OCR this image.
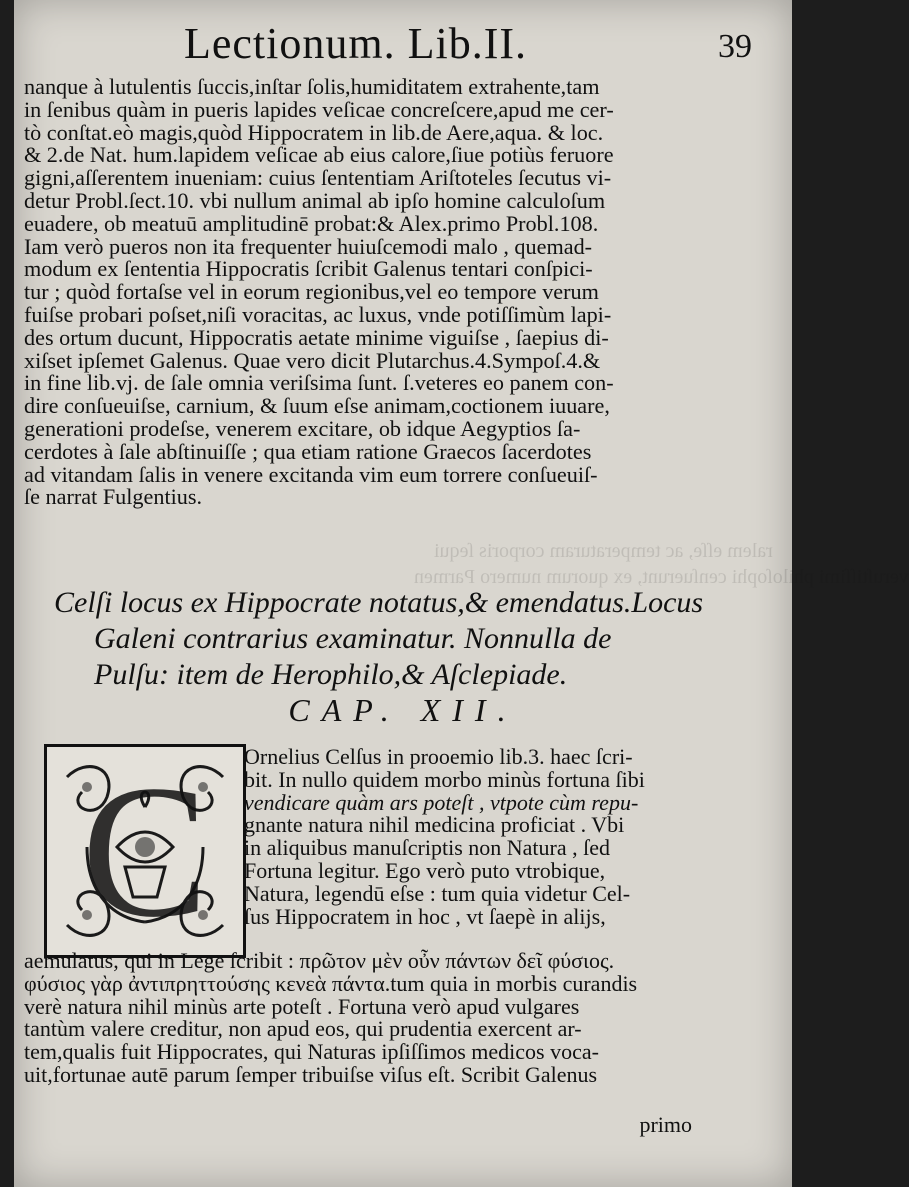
ralem eſſe, ac temperaturam corporis ſequi
veruſtiſſimi philoſophi cenſuerunt, ex quorum numero Parmen
Lectionum. Lib.II.	39
nanque à lutulentis ſuccis,inſtar ſolis,humiditatem extrahente,tam
in ſenibus quàm in pueris lapides veſicae concreſcere,apud me cer-
tò conſtat.eò magis,quòd Hippocratem in lib.de Aere,aqua. & loc.
& 2.de Nat. hum.lapidem veſicae ab eius calore,ſiue potiùs feruore
gigni,aſſerentem inueniam: cuius ſententiam Ariſtoteles ſecutus vi-
detur Probl.ſect.10. vbi nullum animal ab ipſo homine calculoſum
euadere, ob meatuū amplitudinē probat:& Alex.primo Probl.108.
Iam verò pueros non ita frequenter huiuſcemodi malo , quemad-
modum ex ſententia Hippocratis ſcribit Galenus tentari conſpici-
tur ; quòd fortaſse vel in eorum regionibus,vel eo tempore verum
fuiſse probari poſset,niſi voracitas, ac luxus, vnde potiſſimùm lapi-
des ortum ducunt, Hippocratis aetate minime viguiſse , ſaepius di-
xiſset ipſemet Galenus. Quae vero dicit Plutarchus.4.Sympoſ.4.&
in fine lib.vj. de ſale omnia veriſsima ſunt. ſ.veteres eo panem con-
dire conſueuiſse, carnium, & ſuum eſse animam,coctionem iuuare,
generationi prodeſse, venerem excitare, ob idque Aegyptios ſa-
cerdotes à ſale abſtinuiſſe ; qua etiam ratione Graecos ſacerdotes
ad vitandam ſalis in venere excitanda vim eum torrere conſueuiſ-
ſe narrat Fulgentius.
Celſi locus ex Hippocrate notatus,& emendatus.Locus
Galeni contrarius examinatur. Nonnulla de
Pulſu: item de Herophilo,& Aſclepiade.
CAP. XII.
C	Ornelius Celſus in prooemio lib.3. haec ſcri-
bit. In nullo quidem morbo minùs fortuna ſibi
vendicare quàm ars poteſt , vtpote cùm repu-
gnante natura nihil medicina proficiat . Vbi
in aliquibus manuſcriptis non Natura , ſed
Fortuna legitur. Ego verò puto vtrobique,
Natura, legendū eſse : tum quia videtur Cel-
ſus Hippocratem in hoc , vt ſaepè in alijs,
aemulatus, qui in Lege ſcribit : πρῶτον μὲν οὖν πάντων δεῖ φύσιος.
φύσιος γὰρ ἀντιπρηττούσης κενεὰ πάντα.tum quia in morbis curandis
verè natura nihil minùs arte poteſt . Fortuna verò apud vulgares
tantùm valere creditur, non apud eos, qui prudentia exercent ar-
tem,qualis fuit Hippocrates, qui Naturas ipſiſſimos medicos voca-
uit,fortunae autē parum ſemper tribuiſse viſus eſt. Scribit Galenus
primo
